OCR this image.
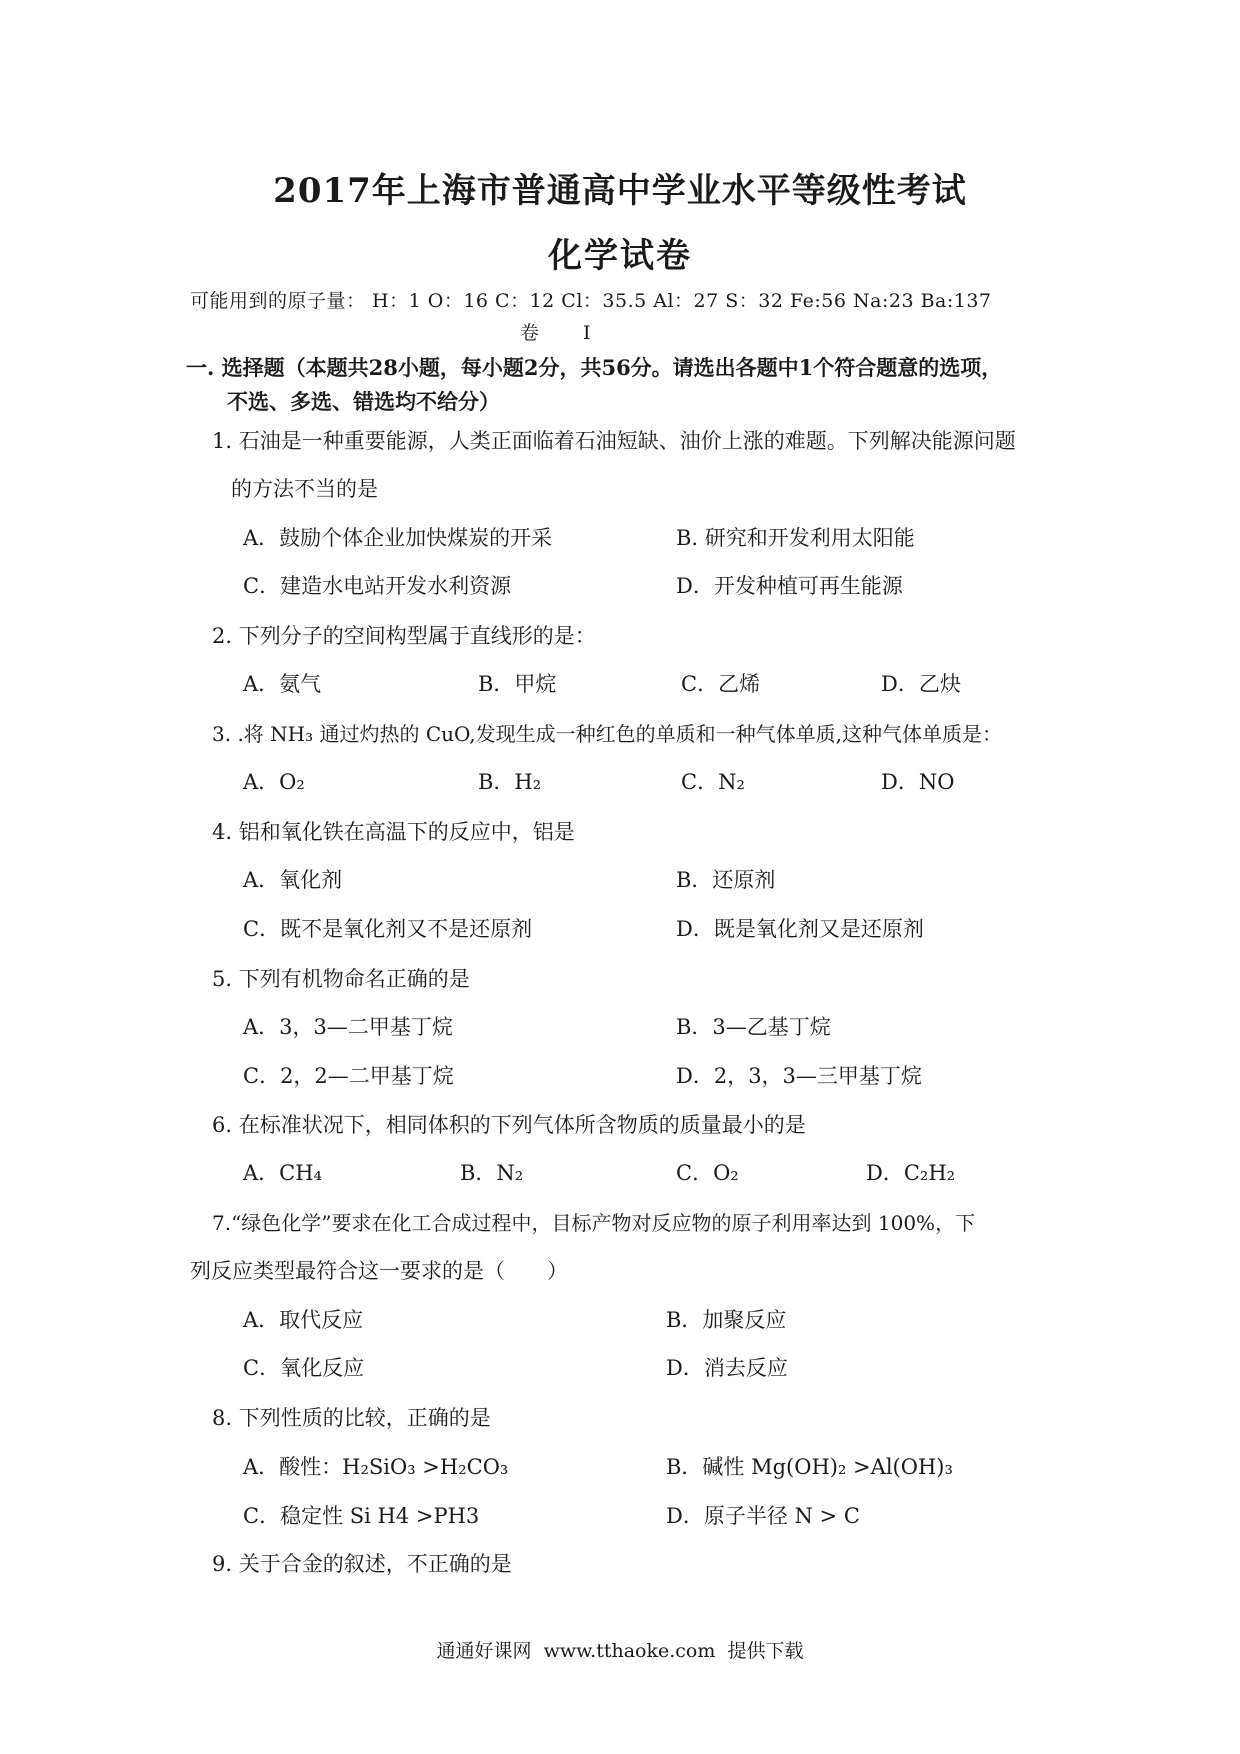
2017年上海市普通高中学业水平等级性考试
化学试卷
可能用到的原子量： H：1 O：16 C：12 Cl：35.5 Al：27 S：32 Fe:56 Na:23 Ba:137
卷 I
一. 选择题（本题共28小题，每小题2分，共56分。请选出各题中1个符合题意的选项，
不选、多选、错选均不给分）
1. 石油是一种重要能源，人类正面临着石油短缺、油价上涨的难题。下列解决能源问题
的方法不当的是
A．鼓励个体企业加快煤炭的开采	B. 研究和开发利用太阳能
C．建造水电站开发水利资源	D．开发种植可再生能源
2. 下列分子的空间构型属于直线形的是：
A．氨气	B．甲烷	C．乙烯	D．乙炔
3. .将 NH₃ 通过灼热的 CuO,发现生成一种红色的单质和一种气体单质,这种气体单质是：
A．O₂	B．H₂	C．N₂	D．NO
4. 铝和氧化铁在高温下的反应中，铝是
A．氧化剂	B．还原剂
C．既不是氧化剂又不是还原剂	D．既是氧化剂又是还原剂
5. 下列有机物命名正确的是
A．3，3—二甲基丁烷	B．3—乙基丁烷
C．2，2—二甲基丁烷	D．2，3，3—三甲基丁烷
6. 在标准状况下，相同体积的下列气体所含物质的质量最小的是
A．CH₄	B．N₂	C．O₂	D．C₂H₂
7.“绿色化学”要求在化工合成过程中，目标产物对反应物的原子利用率达到 100%，下
列反应类型最符合这一要求的是（　　）
A．取代反应	B．加聚反应
C．氧化反应	D．消去反应
8. 下列性质的比较，正确的是
A．酸性：H₂SiO₃ >H₂CO₃	B．碱性 Mg(OH)₂ >Al(OH)₃
C．稳定性 Si H4 >PH3	D．原子半径 N > C
9. 关于合金的叙述，不正确的是
通通好课网 www.tthaoke.com 提供下载
